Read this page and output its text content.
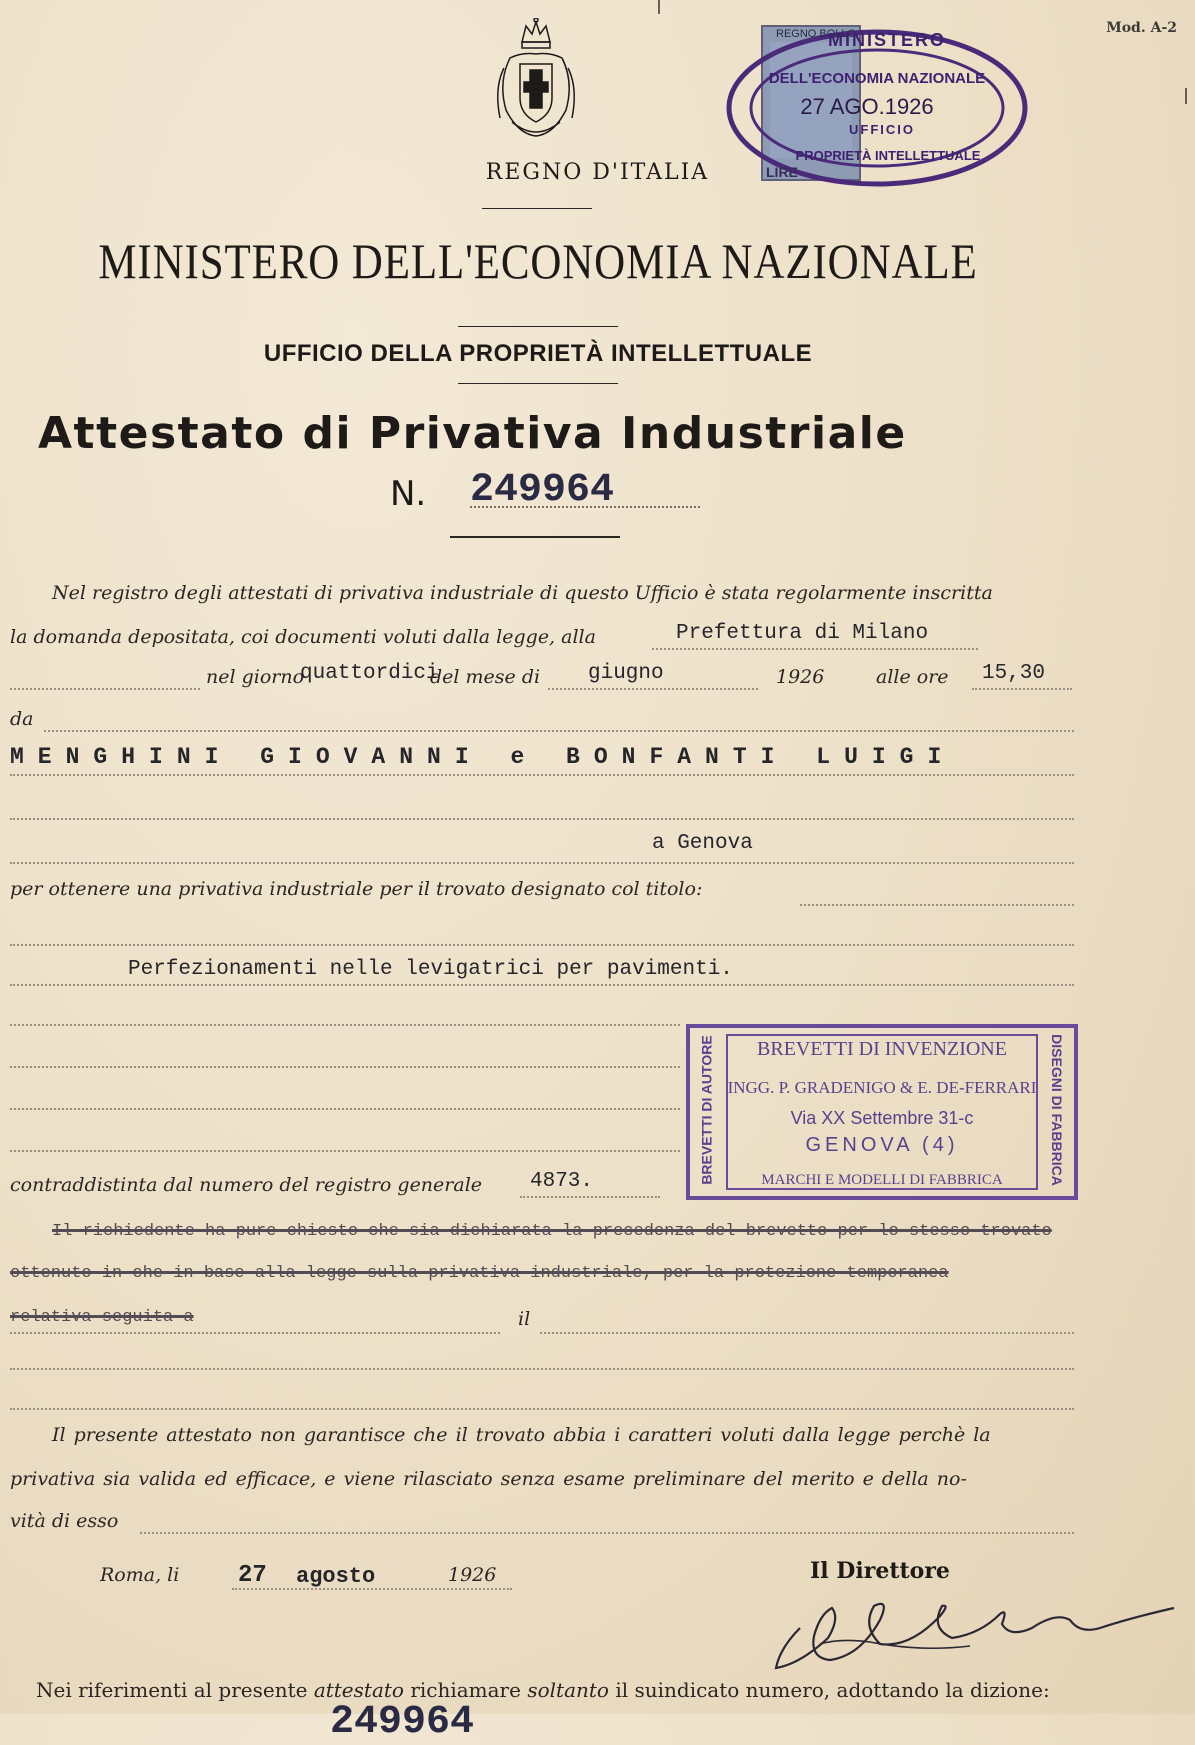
Mod. A-2
REGNO D'ITALIA
MINISTERO DELL'ECONOMIA NAZIONALE
UFFICIO DELLA PROPRIETÀ INTELLETTUALE
Attestato di Privativa Industriale
N. 249964
REGNO BOLLO
LIRE
MINISTERO
DELL'ECONOMIA NAZIONALE
27 AGO.1926
UFFICIO
PROPRIETÀ INTELLETTUALE
Nel registro degli attestati di privativa industriale di questo Ufficio è stata regolarmente inscritta
la domanda depositata, coi documenti voluti dalla legge, alla	Prefettura di Milano
nel giorno
quattordici
del mese di giugno	1926	alle ore 15,30
da
MENGHINI GIOVANNI e BONFANTI LUIGI
a Genova
per ottenere una privativa industriale per il trovato designato col titolo:
Perfezionamenti nelle levigatrici per pavimenti.
BREVETTI DI AUTORE	DISEGNI DI FABBRICA
BREVETTI DI INVENZIONE
INGG. P. GRADENIGO & E. DE-FERRARI
Via XX Settembre 31-c
GENOVA (4)
MARCHI E MODELLI DI FABBRICA
contraddistinta dal numero del registro generale 4873.
Il richiedente ha pure chiesto che sia dichiarata la precedenza del brevetto per lo stesso trovato
ottenuto in che in base alla legge sulla privativa industriale, per la protezione temporanea
relativa seguita a	il
Il presente attestato non garantisce che il trovato abbia i caratteri voluti dalla legge perchè la
privativa sia valida ed efficace, e viene rilasciato senza esame preliminare del merito e della no-
vità di esso
Roma, li 27 agosto	1926	Il Direttore
Nei riferimenti al presente attestato richiamare soltanto il suindicato numero, adottando la dizione:
249964
